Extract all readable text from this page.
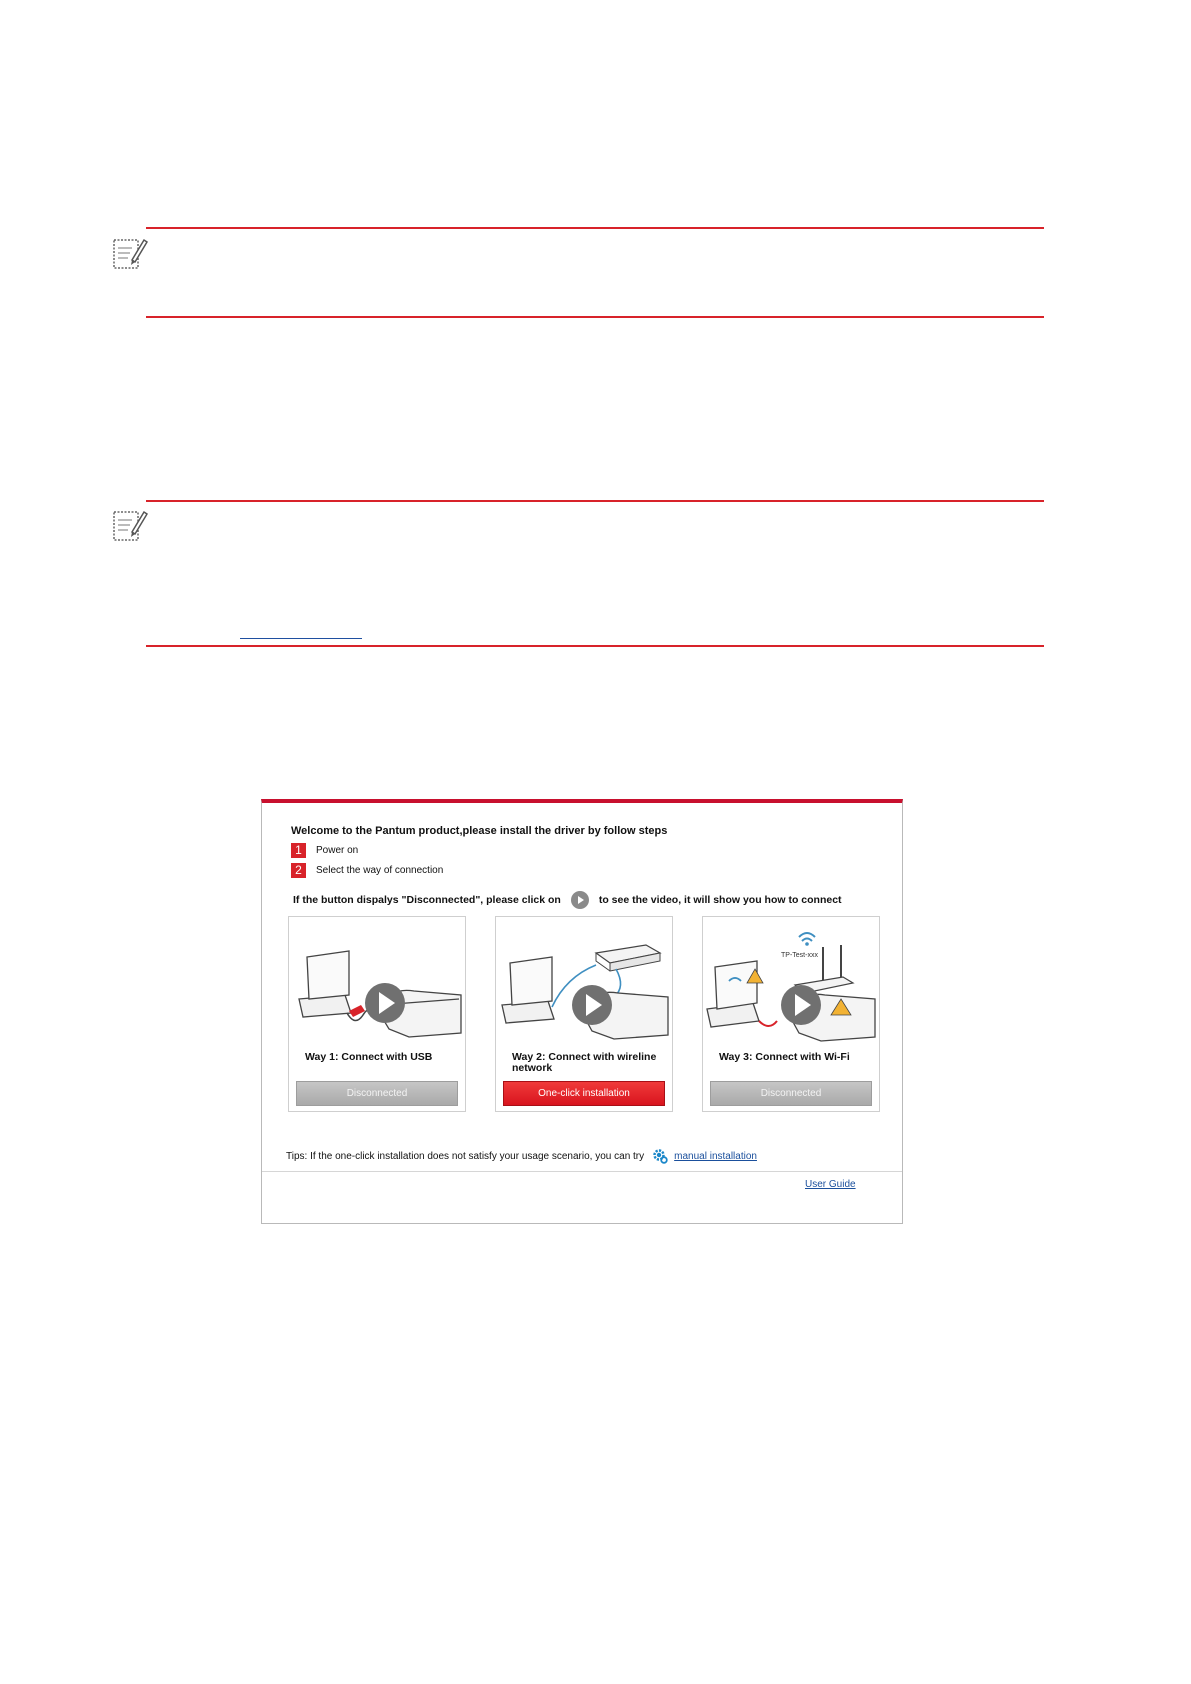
Welcome to the Pantum product,please install the driver by follow steps
1	Power on
2	Select the way of connection
If the button dispalys "Disconnected", please click on	to see the video, it will show you how to connect
Way 1: Connect with USB
Disconnected
Way 2: Connect with wireline network
One-click installation
TP-Test-xxx
Way 3: Connect with Wi-Fi
Disconnected
Tips: If the one-click installation does not satisfy your usage scenario, you can try	manual installation
User Guide
